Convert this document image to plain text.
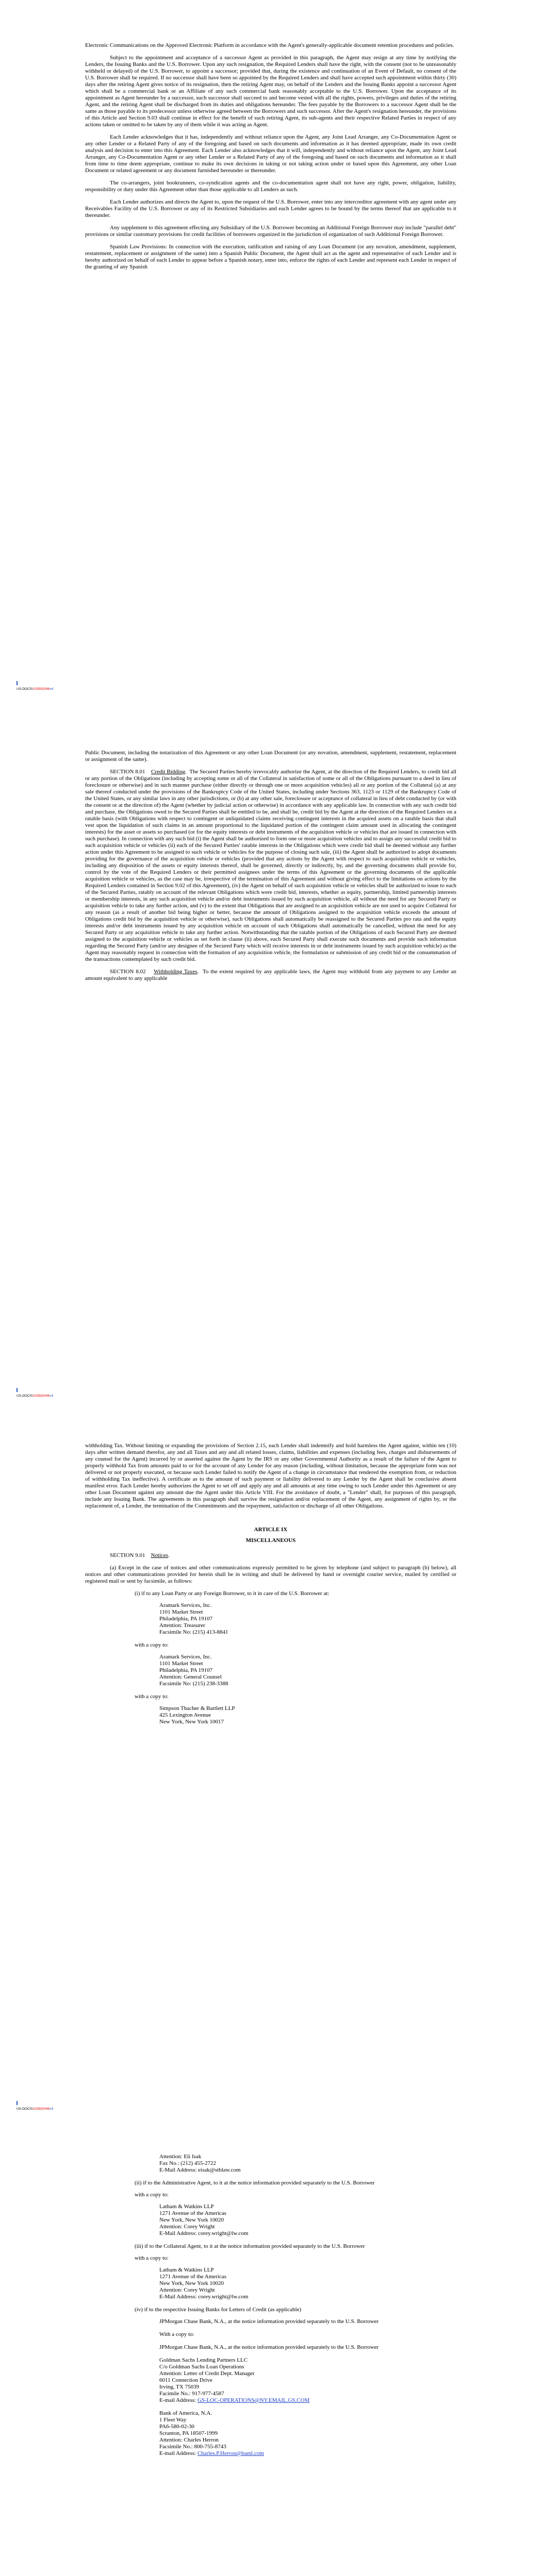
Electronic Communications on the Approved Electronic Platform in accordance with the Agent's generally-applicable document retention procedures and policies.

Subject to the appointment and acceptance of a successor Agent as provided in this paragraph, the Agent may resign at any time by notifying the Lenders, the Issuing Banks and the U.S. Borrower. Upon any such resignation, the Required Lenders shall have the right, with the consent (not to be unreasonably withheld or delayed) of the U.S. Borrower, to appoint a successor; provided that, during the existence and continuation of an Event of Default, no consent of the U.S. Borrower shall be required. If no successor shall have been so appointed by the Required Lenders and shall have accepted such appointment within thirty (30) days after the retiring Agent gives notice of its resignation, then the retiring Agent may, on behalf of the Lenders and the Issuing Banks appoint a successor Agent which shall be a commercial bank or an Affiliate of any such commercial bank reasonably acceptable to the U.S. Borrower. Upon the acceptance of its appointment as Agent hereunder by a successor, such successor shall succeed to and become vested with all the rights, powers, privileges and duties of the retiring Agent, and the retiring Agent shall be discharged from its duties and obligations hereunder. The fees payable by the Borrowers to a successor Agent shall be the same as those payable to its predecessor unless otherwise agreed between the Borrowers and such successor. After the Agent's resignation hereunder, the provisions of this Article and Section 9.03 shall continue in effect for the benefit of such retiring Agent, its sub-agents and their respective Related Parties in respect of any actions taken or omitted to be taken by any of them while it was acting as Agent.

Each Lender acknowledges that it has, independently and without reliance upon the Agent, any Joint Lead Arranger, any Co-Documentation Agent or any other Lender or a Related Party of any of the foregoing and based on such documents and information as it has deemed appropriate, made its own credit analysis and decision to enter into this Agreement. Each Lender also acknowledges that it will, independently and without reliance upon the Agent, any Joint Lead Arranger, any Co-Documentation Agent or any other Lender or a Related Party of any of the foregoing and based on such documents and information as it shall from time to time deem appropriate, continue to make its own decisions in taking or not taking action under or based upon this Agreement, any other Loan Document or related agreement or any document furnished hereunder or thereunder.

The co-arrangers, joint bookrunners, co-syndication agents and the co-documentation agent shall not have any right, power, obligation, liability, responsibility or duty under this Agreement other than those applicable to all Lenders as such.

Each Lender authorizes and directs the Agent to, upon the request of the U.S. Borrower, enter into any intercreditor agreement with any agent under any Receivables Facility of the U.S. Borrower or any of its Restricted Subsidiaries and each Lender agrees to be bound by the terms thereof that are applicable to it thereunder.

Any supplement to this agreement effecting any Subsidiary of the U.S. Borrower becoming an Additional Foreign Borrower may include "parallel debt" provisions or similar customary provisions for credit facilities of borrowers organized in the jurisdiction of organization of such Additional Foreign Borrower.

Spanish Law Provisions: In connection with the execution, ratification and raising of any Loan Document (or any novation, amendment, supplement, restatement, replacement or assignment of the same) into a Spanish Public Document, the Agent shall act as the agent and representative of each Lender and is hereby authorized on behalf of each Lender to appear before a Spanish notary, enter into, enforce the rights of each Lender and represent each Lender in respect of the granting of any Spanish

US-DOCS\103592046v4

Public Document, including the notarization of this Agreement or any other Loan Document (or any novation, amendment, supplement, restatement, replacement or assignment of the same).

SECTION 8.01 Credit Bidding.  The Secured Parties hereby irrevocably authorize the Agent, at the direction of the Required Lenders, to credit bid all or any portion of the Obligations (including by accepting some or all of the Collateral in satisfaction of some or all of the Obligations pursuant to a deed in lieu of foreclosure or otherwise) and in such manner purchase (either directly or through one or more acquisition vehicles) all or any portion of the Collateral (a) at any sale thereof conducted under the provisions of the Bankruptcy Code of the United States, including under Sections 363, 1123 or 1129 of the Bankruptcy Code of the United States, or any similar laws in any other jurisdictions, or (b) at any other sale, foreclosure or acceptance of collateral in lieu of debt conducted by (or with the consent or at the direction of) the Agent (whether by judicial action or otherwise) in accordance with any applicable law. In connection with any such credit bid and purchase, the Obligations owed to the Secured Parties shall be entitled to be, and shall be, credit bid by the Agent at the direction of the Required Lenders on a ratable basis (with Obligations with respect to contingent or unliquidated claims receiving contingent interests in the acquired assets on a ratable basis that shall vest upon the liquidation of such claims in an amount proportional to the liquidated portion of the contingent claim amount used in allocating the contingent interests) for the asset or assets so purchased (or for the equity interests or debt instruments of the acquisition vehicle or vehicles that are issued in connection with such purchase). In connection with any such bid (i) the Agent shall be authorized to form one or more acquisition vehicles and to assign any successful credit bid to such acquisition vehicle or vehicles (ii) each of the Secured Parties' ratable interests in the Obligations which were credit bid shall be deemed without any further action under this Agreement to be assigned to such vehicle or vehicles for the purpose of closing such sale, (iii) the Agent shall be authorized to adopt documents providing for the governance of the acquisition vehicle or vehicles (provided that any actions by the Agent with respect to such acquisition vehicle or vehicles, including any disposition of the assets or equity interests thereof, shall be governed, directly or indirectly, by, and the governing documents shall provide for, control by the vote of the Required Lenders or their permitted assignees under the terms of this Agreement or the governing documents of the applicable acquisition vehicle or vehicles, as the case may be, irrespective of the termination of this Agreement and without giving effect to the limitations on actions by the Required Lenders contained in Section 9.02 of this Agreement), (iv) the Agent on behalf of such acquisition vehicle or vehicles shall be authorized to issue to each of the Secured Parties, ratably on account of the relevant Obligations which were credit bid, interests, whether as equity, partnership, limited partnership interests or membership interests, in any such acquisition vehicle and/or debt instruments issued by such acquisition vehicle, all without the need for any Secured Party or acquisition vehicle to take any further action, and (v) to the extent that Obligations that are assigned to an acquisition vehicle are not used to acquire Collateral for any reason (as a result of another bid being higher or better, because the amount of Obligations assigned to the acquisition vehicle exceeds the amount of Obligations credit bid by the acquisition vehicle or otherwise), such Obligations shall automatically be reassigned to the Secured Parties pro rata and the equity interests and/or debt instruments issued by any acquisition vehicle on account of such Obligations shall automatically be cancelled, without the need for any Secured Party or any acquisition vehicle to take any further action. Notwithstanding that the ratable portion of the Obligations of each Secured Party are deemed assigned to the acquisition vehicle or vehicles as set forth in clause (ii) above, each Secured Party shall execute such documents and provide such information regarding the Secured Party (and/or any designee of the Secured Party which will receive interests in or debt instruments issued by such acquisition vehicle) as the Agent may reasonably request in connection with the formation of any acquisition vehicle, the formulation or submission of any credit bid or the consummation of the transactions contemplated by such credit bid.

SECTION 8.02 Withholding Taxes.  To the extent required by any applicable laws, the Agent may withhold from any payment to any Lender an amount equivalent to any applicable

US-DOCS\103592046v4

withholding Tax. Without limiting or expanding the provisions of Section 2.15, each Lender shall indemnify and hold harmless the Agent against, within ten (10) days after written demand therefor, any and all Taxes and any and all related losses, claims, liabilities and expenses (including fees, charges and disbursements of any counsel for the Agent) incurred by or asserted against the Agent by the IRS or any other Governmental Authority as a result of the failure of the Agent to properly withhold Tax from amounts paid to or for the account of any Lender for any reason (including, without limitation, because the appropriate form was not delivered or not properly executed, or because such Lender failed to notify the Agent of a change in circumstance that rendered the exemption from, or reduction of withholding Tax ineffective). A certificate as to the amount of such payment or liability delivered to any Lender by the Agent shall be conclusive absent manifest error. Each Lender hereby authorizes the Agent to set off and apply any and all amounts at any time owing to such Lender under this Agreement or any other Loan Document against any amount due the Agent under this Article VIII. For the avoidance of doubt, a "Lender" shall, for purposes of this paragraph, include any Issuing Bank. The agreements in this paragraph shall survive the resignation and/or replacement of the Agent, any assignment of rights by, or the replacement of, a Lender, the termination of the Commitments and the repayment, satisfaction or discharge of all other Obligations.

ARTICLE IX
MISCELLANEOUS

SECTION 9.01 Notices.

(a) Except in the case of notices and other communications expressly permitted to be given by telephone (and subject to paragraph (b) below), all notices and other communications provided for herein shall be in writing and shall be delivered by hand or overnight courier service, mailed by certified or registered mail or sent by facsimile, as follows:

(i) if to any Loan Party or any Foreign Borrower, to it in care of the U.S. Borrower at:
Aramark Services, Inc.
1101 Market Street
Philadelphia, PA 19107
Attention: Treasurer
Facsimile No: (215) 413-8841
with a copy to:
Aramark Services, Inc.
1101 Market Street
Philadelphia, PA 19107
Attention: General Counsel
Facsimile No: (215) 238-3388
with a copy to:
Simpson Thacher & Bartlett LLP
425 Lexington Avenue
New York, New York 10017
US-DOCS\103592046v4
Attention: Eli Isak
Fax No.: (212) 455-2722
E-Mail Address: eisak@stblaw.com
(ii) if to the Administrative Agent, to it at the notice information provided separately to the U.S. Borrower
with a copy to:
Latham & Watkins LLP
1271 Avenue of the Americas
New York, New York 10020
Attention: Corey Wright
E-Mail Address: corey.wright@lw.com
(iii) if to the Collateral Agent, to it at the notice information provided separately to the U.S. Borrower
with a copy to:
Latham & Watkins LLP
1271 Avenue of the Americas
New York, New York 10020
Attention: Corey Wright
E-Mail Address: corey.wright@lw.com
(iv) if to the respective Issuing Banks for Letters of Credit (as applicable)
JPMorgan Chase Bank, N.A., at the notice information provided separately to the U.S. Borrower
With a copy to:
JPMorgan Chase Bank, N.A., at the notice information provided separately to the U.S. Borrower
Goldman Sachs Lending Partners LLC
C/o Goldman Sachs Loan Operations
Attention: Letter of Credit Dept. Manager
6011 Connection Drive
Irving, TX 75039
Facimile No.: 917-977-4587
E-mail Address: GS-LOC-OPERATIONS@NY.EMAIL.GS.COM
Bank of America, N.A.
1 Fleet Way
PA6-580-02-30
Scranton, PA 18507-1999
Attention: Charles Herron
Facsimile No.: 800-755-8743
E-mail Address: Charles.P.Herron@baml.com
